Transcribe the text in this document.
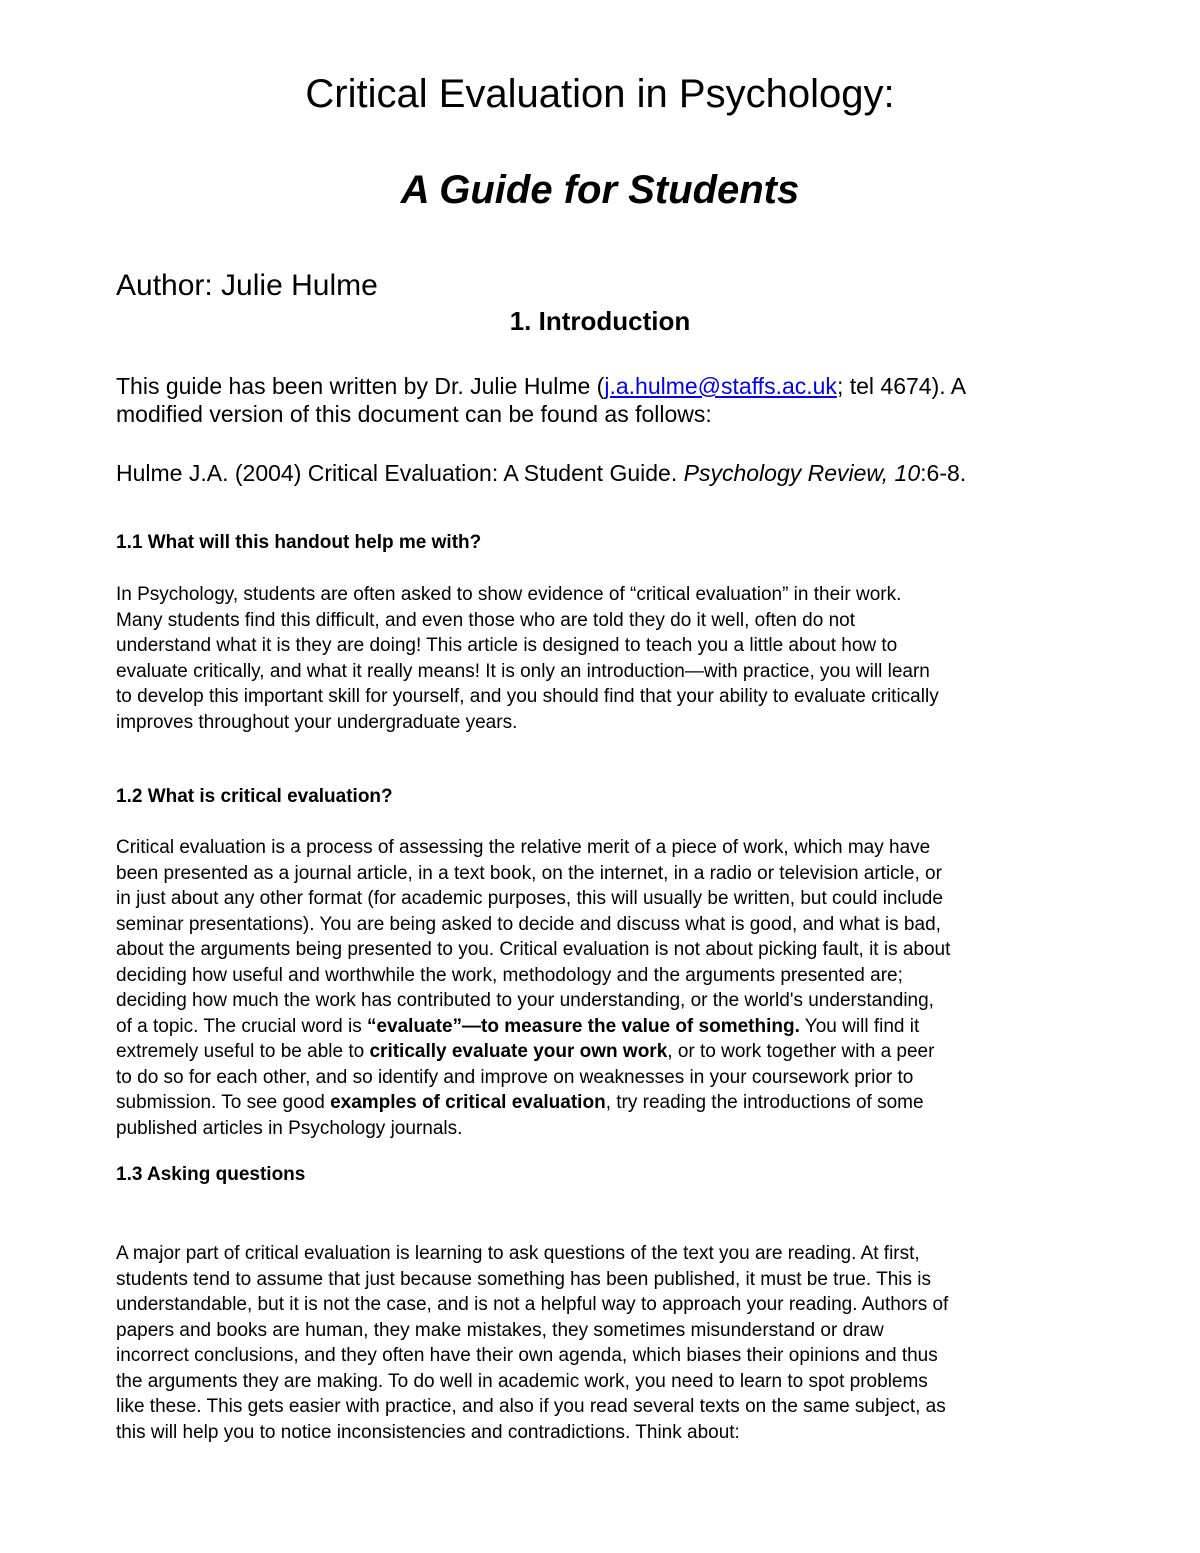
Critical Evaluation in Psychology:
A Guide for Students
Author: Julie Hulme
1. Introduction
This guide has been written by Dr. Julie Hulme (j.a.hulme@staffs.ac.uk; tel 4674). A
modified version of this document can be found as follows:
Hulme J.A. (2004) Critical Evaluation: A Student Guide. Psychology Review, 10:6-8.
1.1 What will this handout help me with?
In Psychology, students are often asked to show evidence of “critical evaluation” in their work.
Many students find this difficult, and even those who are told they do it well, often do not
understand what it is they are doing! This article is designed to teach you a little about how to
evaluate critically, and what it really means! It is only an introduction—with practice, you will learn
to develop this important skill for yourself, and you should find that your ability to evaluate critically
improves throughout your undergraduate years.
1.2 What is critical evaluation?
Critical evaluation is a process of assessing the relative merit of a piece of work, which may have
been presented as a journal article, in a text book, on the internet, in a radio or television article, or
in just about any other format (for academic purposes, this will usually be written, but could include
seminar presentations). You are being asked to decide and discuss what is good, and what is bad,
about the arguments being presented to you. Critical evaluation is not about picking fault, it is about
deciding how useful and worthwhile the work, methodology and the arguments presented are;
deciding how much the work has contributed to your understanding, or the world's understanding,
of a topic. The crucial word is “evaluate”—to measure the value of something. You will find it
extremely useful to be able to critically evaluate your own work, or to work together with a peer
to do so for each other, and so identify and improve on weaknesses in your coursework prior to
submission. To see good examples of critical evaluation, try reading the introductions of some
published articles in Psychology journals.
1.3 Asking questions
A major part of critical evaluation is learning to ask questions of the text you are reading. At first,
students tend to assume that just because something has been published, it must be true. This is
understandable, but it is not the case, and is not a helpful way to approach your reading. Authors of
papers and books are human, they make mistakes, they sometimes misunderstand or draw
incorrect conclusions, and they often have their own agenda, which biases their opinions and thus
the arguments they are making. To do well in academic work, you need to learn to spot problems
like these. This gets easier with practice, and also if you read several texts on the same subject, as
this will help you to notice inconsistencies and contradictions. Think about:
